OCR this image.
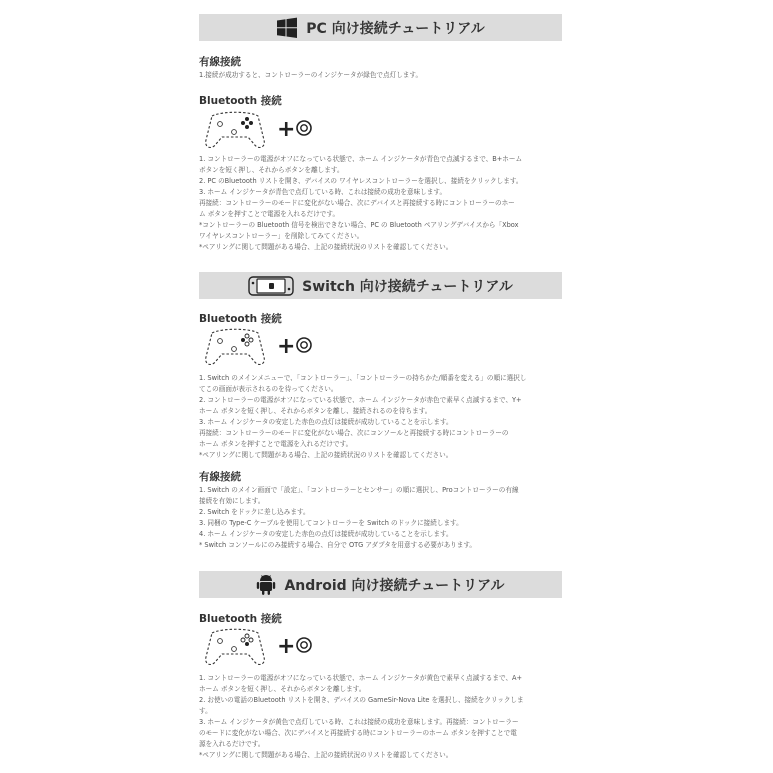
PC 向け接続チュートリアル
有線接続
1.接続が成功すると、コントローラーのインジケータが緑色で点灯します。
Bluetooth 接続
+
1. コントローラーの電源がオフになっている状態で、ホーム インジケータが青色で点滅するまで、B+ホーム
ボタンを短く押し、それからボタンを離します。
2. PC のBluetooth リストを開き、デバイスの ワイヤレスコントローラーを選択し、接続をクリックします。
3. ホーム インジケータが青色で点灯している時、これは接続の成功を意味します。
再接続：コントローラーのモードに変化がない場合、次にデバイスと再接続する時にコントローラーのホー
ム ボタンを押すことで電源を入れるだけです。
*コントローラーの Bluetooth 信号を検出できない場合、PC の Bluetooth ペアリングデバイスから「Xbox
ワイヤレスコントローラー」を削除してみてください。
*ペアリングに関して問題がある場合、上記の接続状況のリストを確認してください。
Switch 向け接続チュートリアル
Bluetooth 接続
+
1. Switch のメインメニューで、「コントローラー」、「コントローラーの持ちかた/順番を変える」の順に選択し
てこの画面が表示されるのを待ってください。
2. コントローラーの電源がオフになっている状態で、ホーム インジケータが赤色で素早く点滅するまで、Y+
ホーム ボタンを短く押し、それからボタンを離し、接続されるのを待ちます。
3. ホーム インジケータの安定した赤色の点灯は接続が成功していることを示します。
再接続：コントローラーのモードに変化がない場合、次にコンソールと再接続する時にコントローラーの
ホーム ボタンを押すことで電源を入れるだけです。
*ペアリングに関して問題がある場合、上記の接続状況のリストを確認してください。
有線接続
1. Switch のメイン画面で「設定」、「コントローラーとセンサー」の順に選択し、Proコントローラーの有線
接続を有効にします。
2. Switch をドックに差し込みます。
3. 同梱の Type-C ケーブルを使用してコントローラーを Switch のドックに接続します。
4. ホーム インジケータの安定した赤色の点灯は接続が成功していることを示します。
* Switch コンソールにのみ接続する場合、自分で OTG アダプタを用意する必要があります。
Android 向け接続チュートリアル
Bluetooth 接続
+
1. コントローラーの電源がオフになっている状態で、ホーム インジケータが黄色で素早く点滅するまで、A+
ホーム ボタンを短く押し、それからボタンを離します。
2. お使いの電話のBluetooth リストを開き、デバイスの GameSir-Nova Lite を選択し、接続をクリックしま
す。
3. ホーム インジケータが黄色で点灯している時、これは接続の成功を意味します。再接続：コントローラー
のモードに変化がない場合、次にデバイスと再接続する時にコントローラーのホーム ボタンを押すことで電
源を入れるだけです。
*ペアリングに関して問題がある場合、上記の接続状況のリストを確認してください。
